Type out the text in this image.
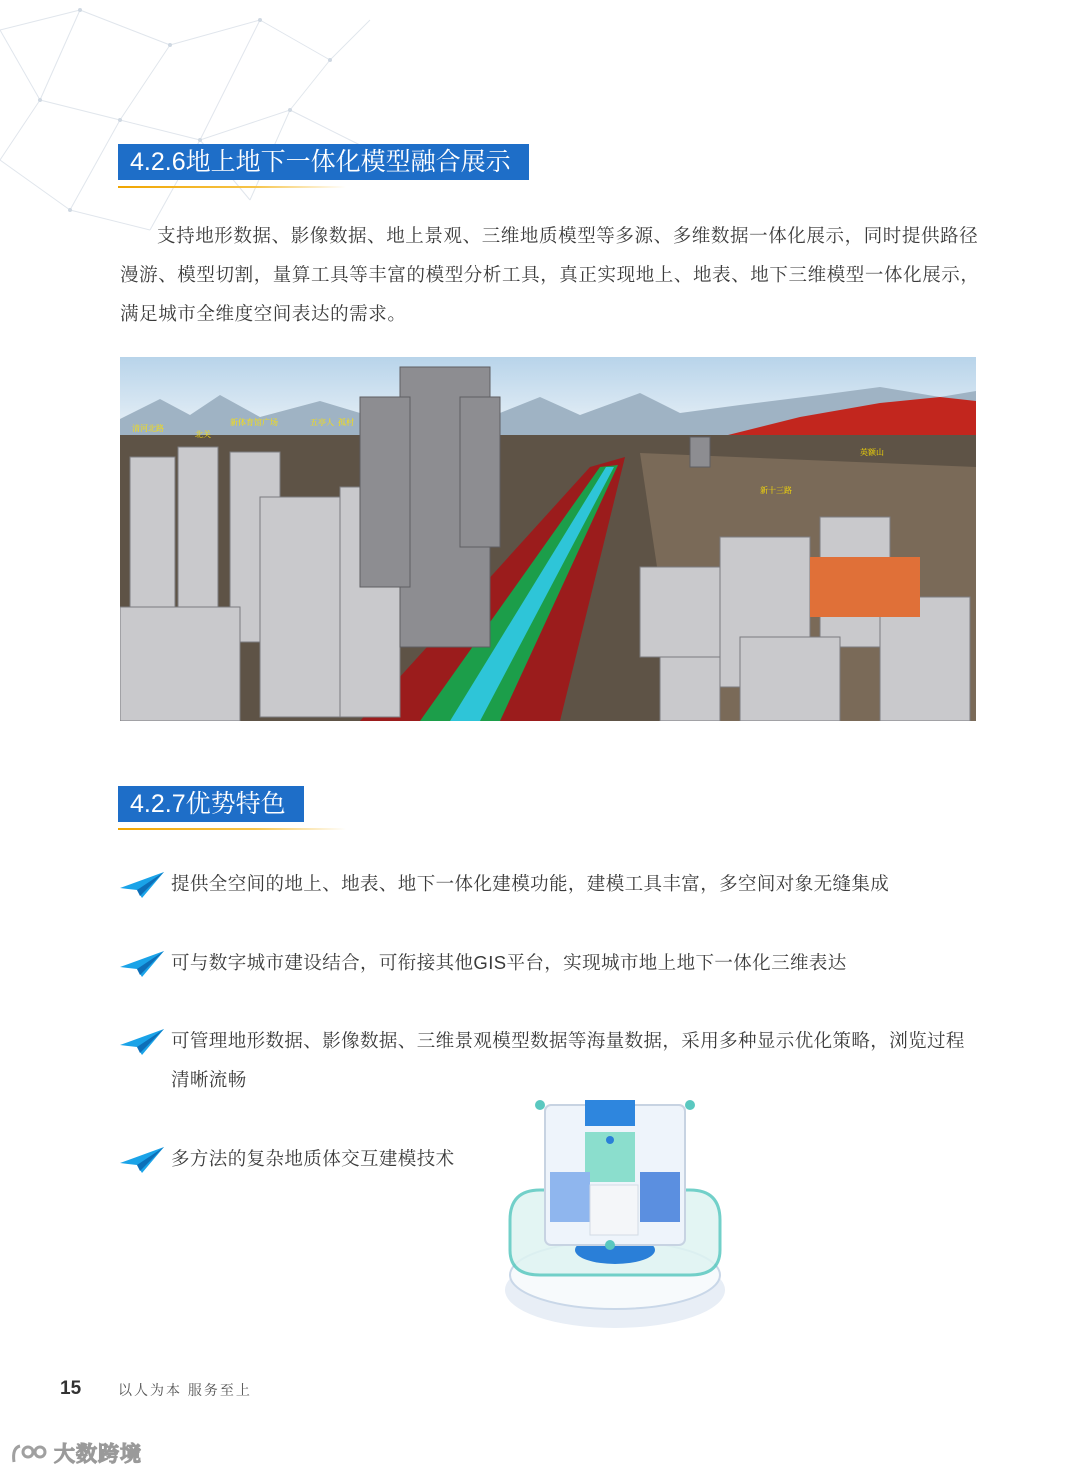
4.2.6地上地下一体化模型融合展示

支持地形数据、影像数据、地上景观、三维地质模型等多源、多维数据一体化展示，同时提供路径漫游、模型切割，量算工具等丰富的模型分析工具，真正实现地上、地表、地下三维模型一体化展示，满足城市全维度空间表达的需求。

清河北路
北关
新体育馆广场	五亭人 孤村
英额山
新十三路
4.2.7优势特色
提供全空间的地上、地表、地下一体化建模功能，建模工具丰富，多空间对象无缝集成
可与数字城市建设结合，可衔接其他GIS平台，实现城市地上地下一体化三维表达
可管理地形数据、影像数据、三维景观模型数据等海量数据，采用多种显示优化策略，浏览过程清晰流畅
多方法的复杂地质体交互建模技术
15	以人为本 服务至上
大数跨境
